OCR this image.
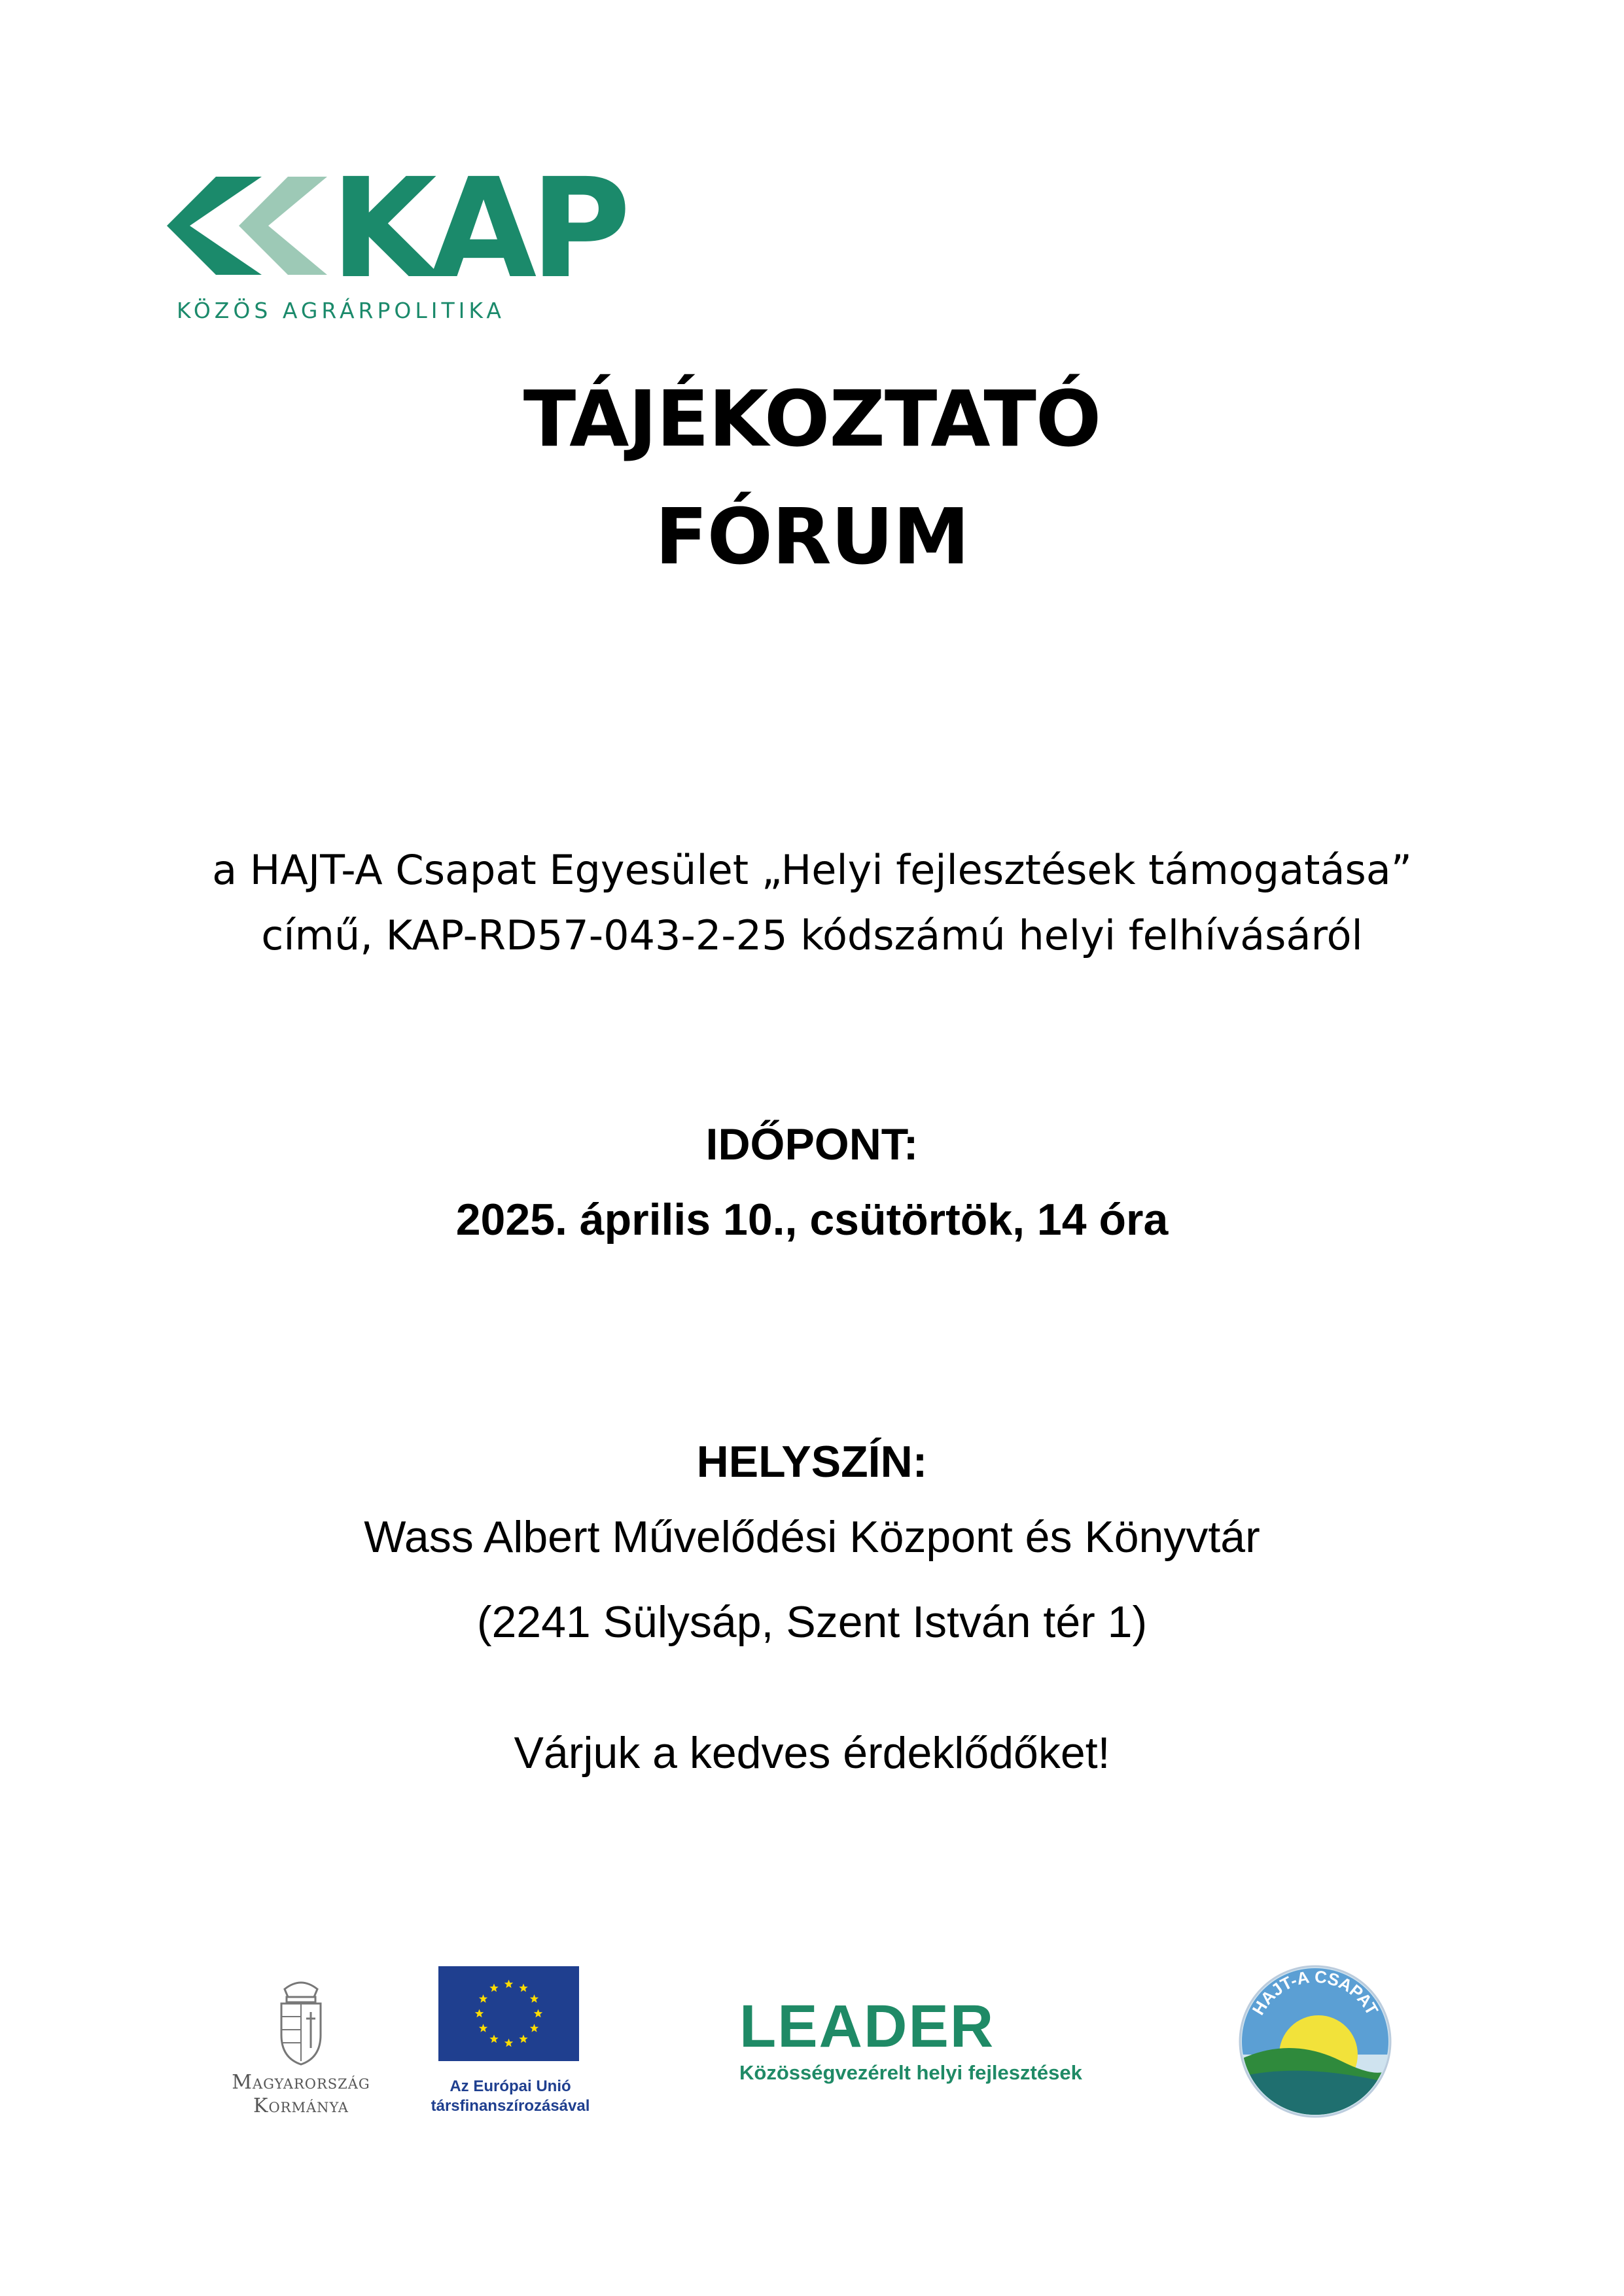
KAP
KÖZÖS AGRÁRPOLITIKA
TÁJÉKOZTATÓ
FÓRUM
a HAJT-A Csapat Egyesület „Helyi fejlesztések támogatása”
című, KAP-RD57-043-2-25 kódszámú helyi felhívásáról
IDŐPONT:
2025. április 10., csütörtök, 14 óra
HELYSZÍN:
Wass Albert Művelődési Központ és Könyvtár
(2241 Sülysáp, Szent István tér 1)
Várjuk a kedves érdeklődőket!
Magyarország
Kormánya
Az Európai Unió
társfinanszírozásával
LEADER
Közösségvezérelt helyi fejlesztések
HAJT-A CSAPAT
